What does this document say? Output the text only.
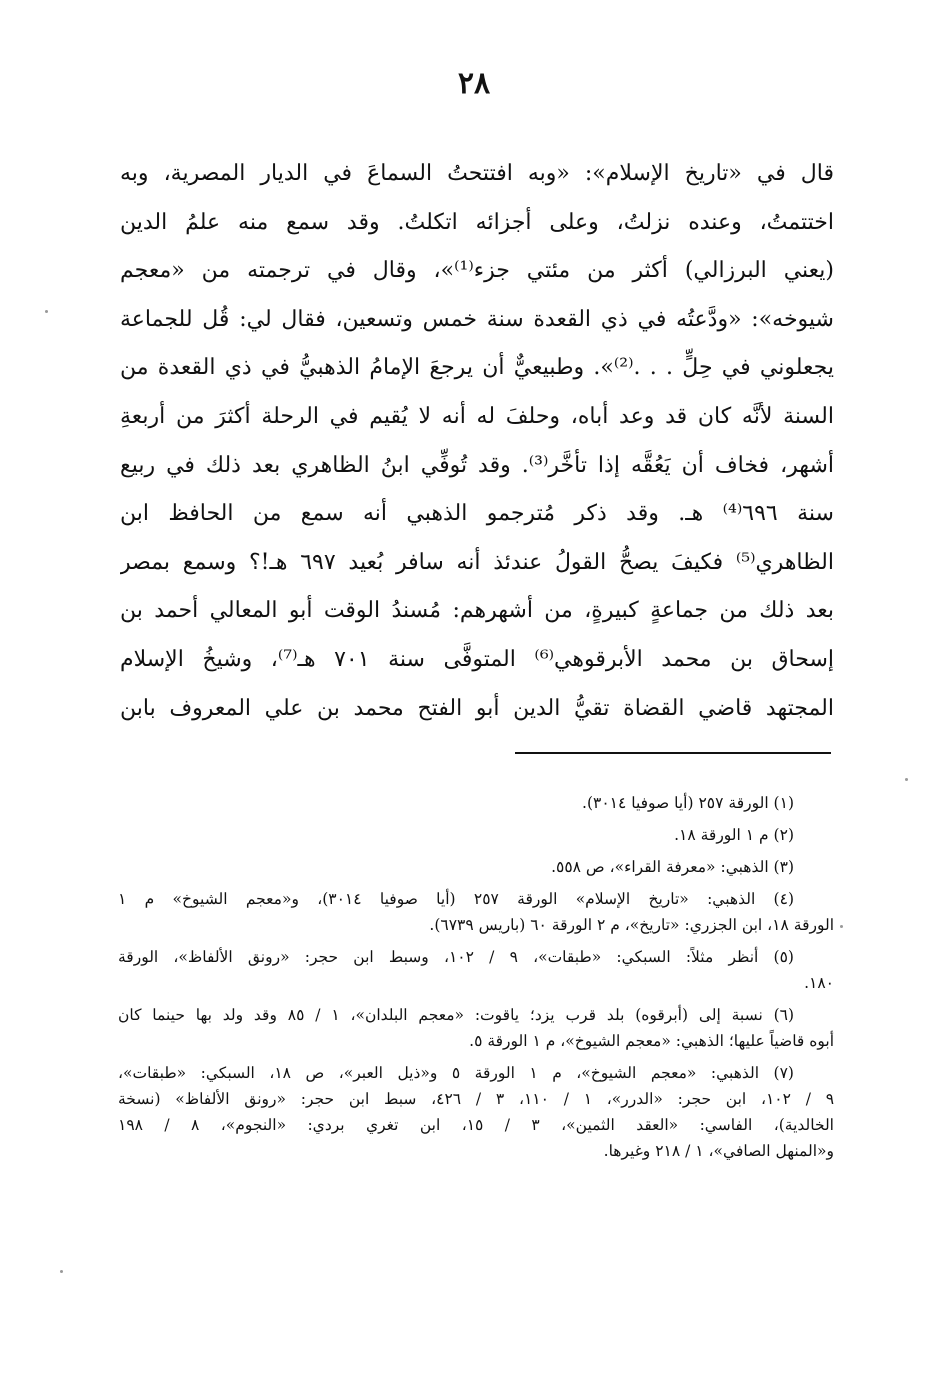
٢٨
قال في «تاريخ الإسلام»: «وبه افتتحتُ السماعَ في الديار المصرية، وبه
اختتمتُ، وعنده نزلتُ، وعلى أجزائه اتكلتُ. وقد سمع منه علمُ الدين
(يعني البرزالي) أكثر من مئتي جزء⁽¹⁾»، وقال في ترجمته من «معجم
شيوخه»: «ودَّعتُه في ذي القعدة سنة خمس وتسعين، فقال لي: قُل للجماعة
يجعلوني في حِلٍّ . . .⁽²⁾». وطبيعيٌّ أن يرجعَ الإمامُ الذهبيُّ في ذي القعدة من
السنة لأنَّه كان قد وعد أباه، وحلفَ له أنه لا يُقيم في الرحلة أكثرَ من أربعةِ
أشهر، فخاف أن يَعُقَّه إذا تأخَّر⁽³⁾. وقد تُوفِّي ابنُ الظاهري بعد ذلك في ربيع
سنة ٦٩٦⁽⁴⁾ هـ. وقد ذكر مُترجمو الذهبي أنه سمع من الحافظ ابن
الظاهري⁽⁵⁾ فكيفَ يصحُّ القولُ عندئذ أنه سافر بُعيد ٦٩٧ هـ!؟ وسمع بمصر
بعد ذلك من جماعةٍ كبيرةٍ، من أشهرهم: مُسندُ الوقت أبو المعالي أحمد بن
إسحاق بن محمد الأبرقوهي⁽⁶⁾ المتوفَّى سنة ٧٠١ هـ⁽⁷⁾، وشيخُ الإسلام
المجتهد قاضي القضاة تقيُّ الدين أبو الفتح محمد بن علي المعروف بابن
(١) الورقة ٢٥٧ (أيا صوفيا ٣٠١٤).
(٢) م ١ الورقة ١٨.
(٣) الذهبي: «معرفة القراء»، ص ٥٥٨.
(٤) الذهبي: «تاريخ الإسلام» الورقة ٢٥٧ (أيا صوفيا ٣٠١٤)، و«معجم الشيوخ» م ١
الورقة ١٨، ابن الجزري: «تاريخ»، م ٢ الورقة ٦٠ (باريس ٦٧٣٩).
(٥) أنظر مثلاً: السبكي: «طبقات»، ٩ / ١٠٢، وسبط ابن حجر: «رونق الألفاظ»، الورقة
١٨٠.
(٦) نسبة إلى (أبرقوه) بلد قرب يزد؛ ياقوت: «معجم البلدان»، ١ / ٨٥ وقد ولد بها حينما كان
أبوه قاضياً عليها؛ الذهبي: «معجم الشيوخ»، م ١ الورقة ٥.
(٧) الذهبي: «معجم الشيوخ»، م ١ الورقة ٥ و«ذيل العبر»، ص ١٨، السبكي: «طبقات»،
٩ / ١٠٢، ابن حجر: «الدرر»، ١ / ١١٠، ٣ / ٤٢٦، سبط ابن حجر: «رونق الألفاظ» (نسخة
الخالدية)، الفاسي: «العقد الثمين»، ٣ / ١٥، ابن تغري بردي: «النجوم»، ٨ / ١٩٨
و«المنهل الصافي»، ١ / ٢١٨ وغيرها.
